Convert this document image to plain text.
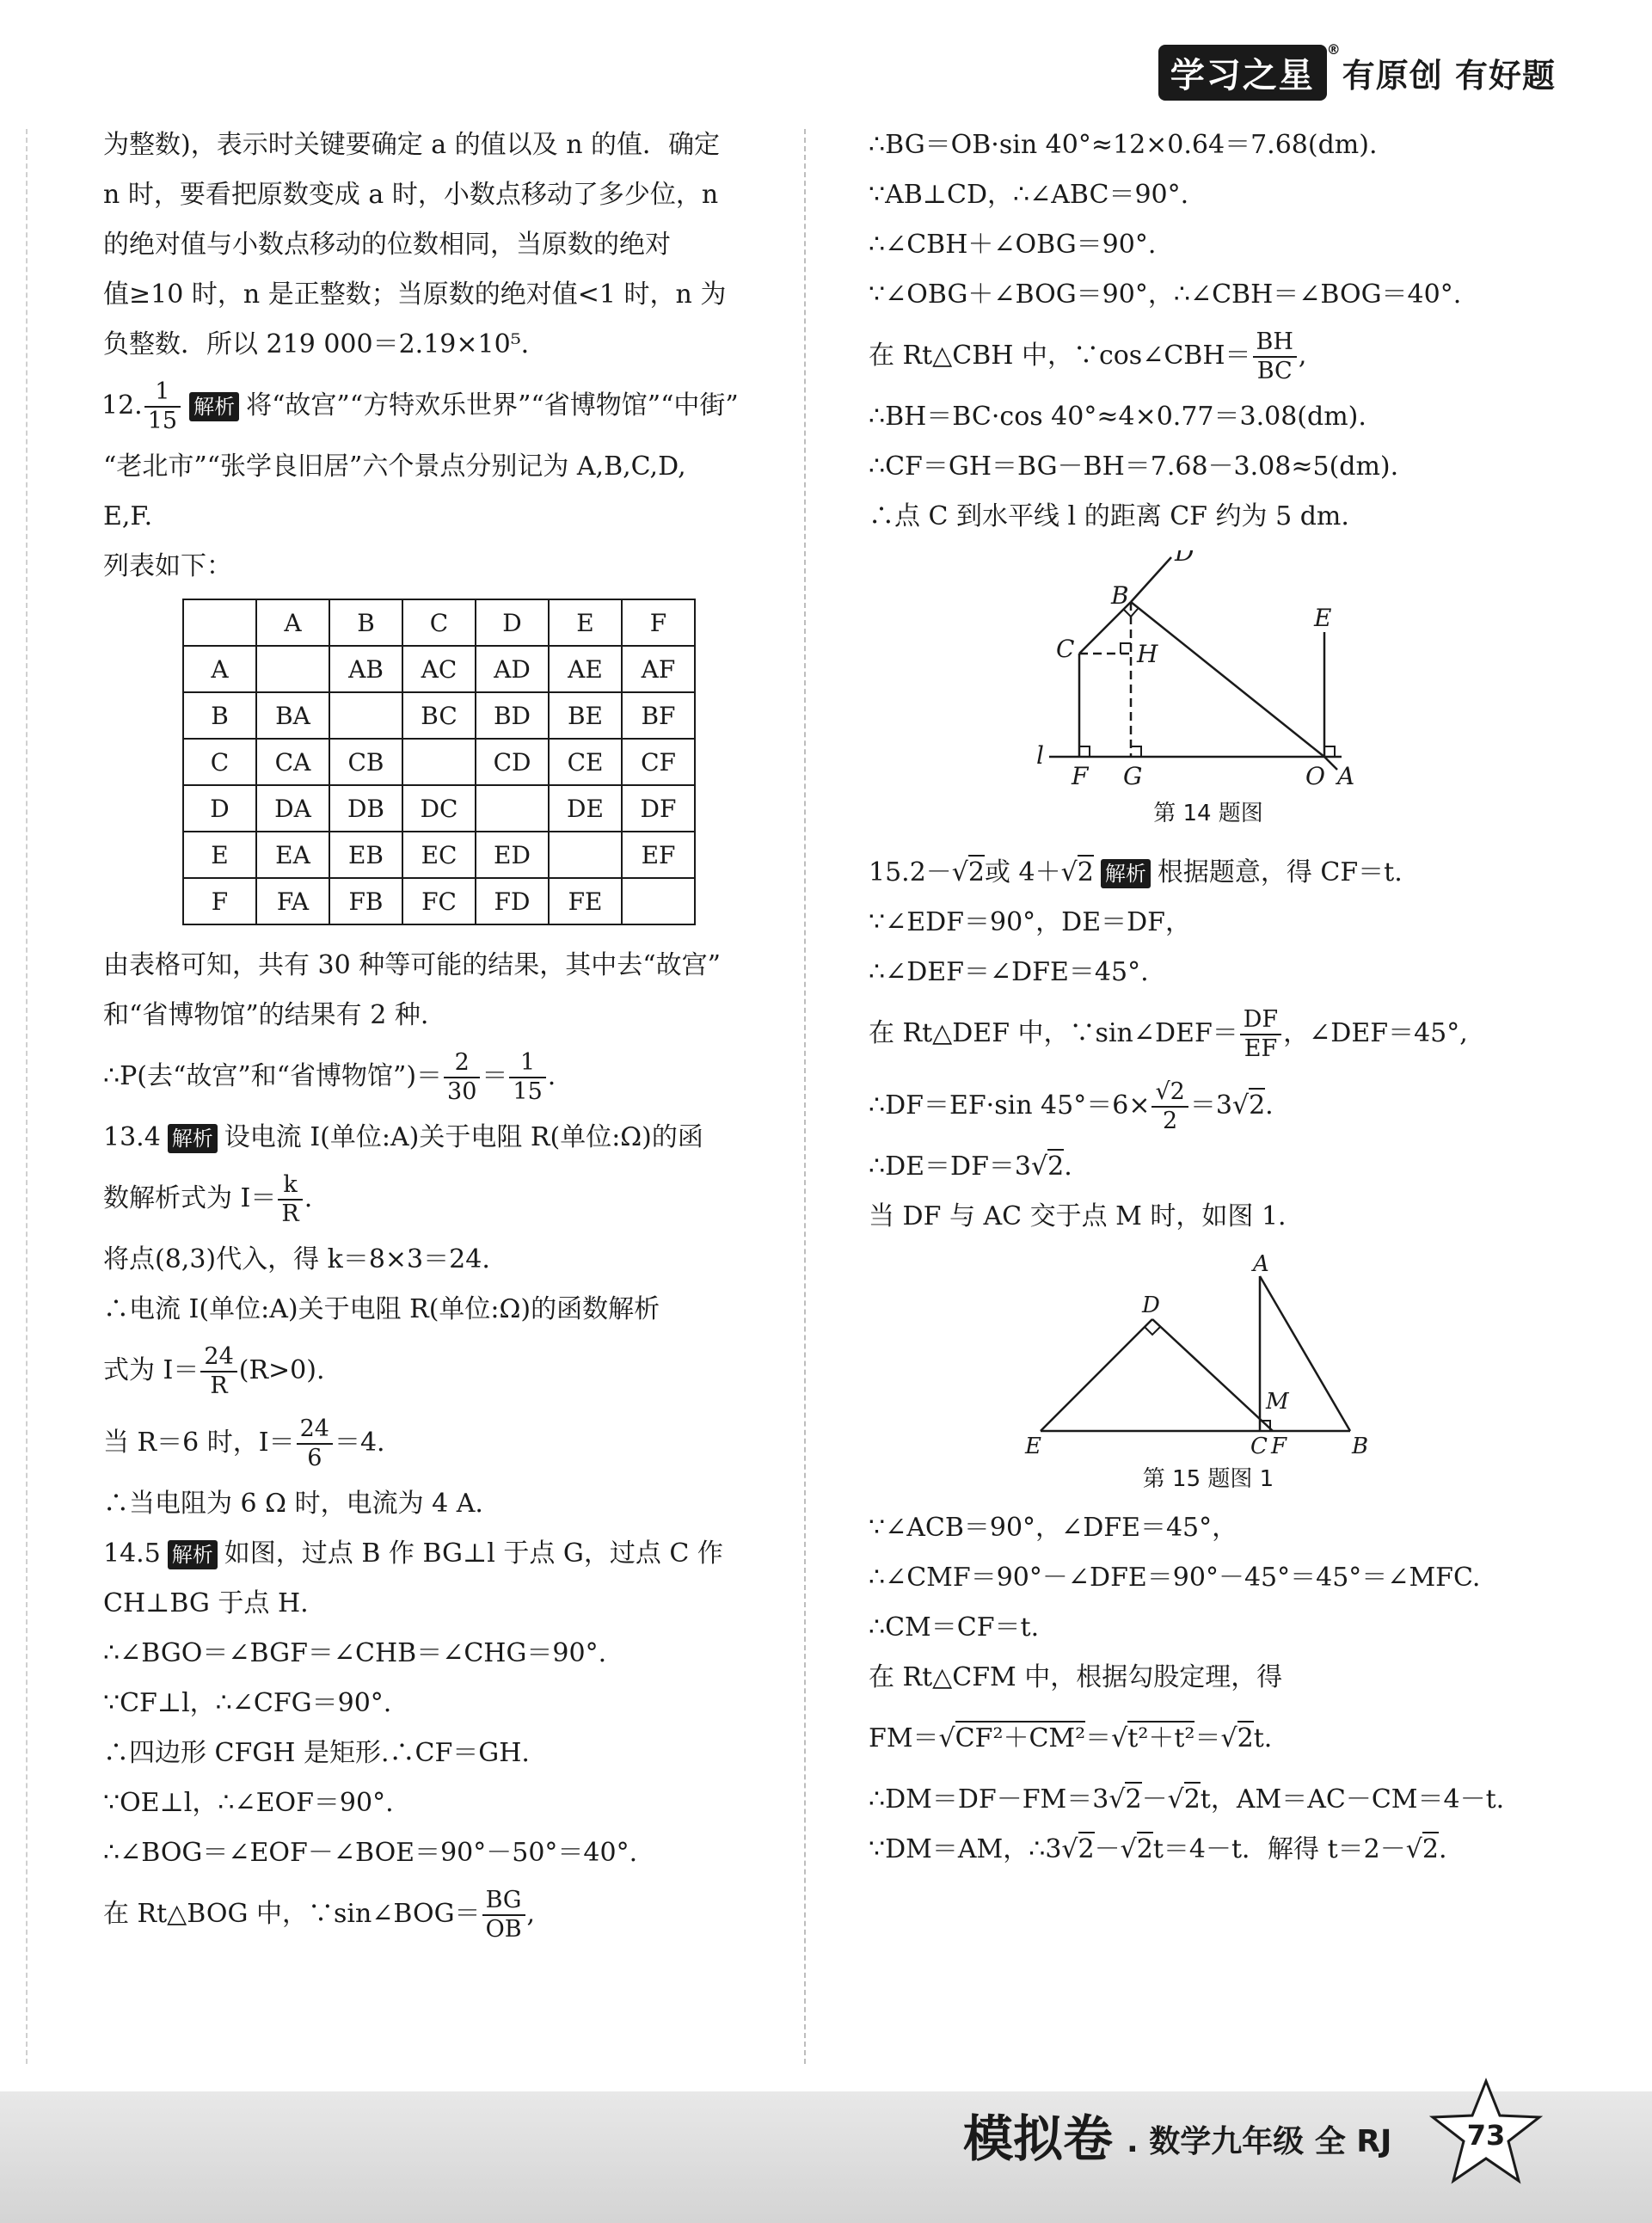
学习之星
®
有原创 有好题
为整数)，表示时关键要确定 a 的值以及 n 的值．确定
n 时，要看把原数变成 a 时，小数点移动了多少位，n
的绝对值与小数点移动的位数相同，当原数的绝对
值≥10 时，n 是正整数；当原数的绝对值<1 时，n 为
负整数．所以 219 000＝2.19×10⁵．
12. $\frac{1}{15}$ 解析 将“故宫”“方特欢乐世界”“省博物馆”“中街”
“老北市”“张学良旧居”六个景点分别记为 A,B,C,D,
E,F.
列表如下：
	A	B	C	D	E	F
A		AB	AC	AD	AE	AF
B	BA		BC	BD	BE	BF
C	CA	CB		CD	CE	CF
D	DA	DB	DC		DE	DF
E	EA	EB	EC	ED		EF
F	FA	FB	FC	FD	FE	
由表格可知，共有 30 种等可能的结果，其中去“故宫”
和“省博物馆”的结果有 2 种.
∴P(去“故宫”和“省博物馆”)＝ $\frac{2}{30} = \frac{1}{15}$ .
13.4 解析 设电流 I(单位:A)关于电阻 R(单位:Ω)的函
数解析式为 $I= \frac{k}{R}$ .
将点(8,3)代入，得 k＝8×3＝24.
∴电流 I(单位:A)关于电阻 R(单位:Ω)的函数解析
式为 $I= \frac{24}{R} (R>0)$.
当 R＝6 时，$I= \frac{24}{6} =4$.
∴当电阻为 6 Ω 时，电流为 4 A.
14.5 解析 如图，过点 B 作 BG⊥l 于点 G，过点 C 作
CH⊥BG 于点 H.
∴∠BGO＝∠BGF＝∠CHB＝∠CHG＝90°.
∵CF⊥l，∴∠CFG＝90°.
∴四边形 CFGH 是矩形.∴CF＝GH.
∵OE⊥l，∴∠EOF＝90°.
∴∠BOG＝∠EOF－∠BOE＝90°－50°＝40°.
在 Rt△BOG 中，∵sin∠BOG＝ $\frac{BG}{OB}$ ,
∴BG＝OB·sin 40°≈12×0.64＝7.68(dm).
∵AB⊥CD，∴∠ABC＝90°.
∴∠CBH＋∠OBG＝90°.
∵∠OBG＋∠BOG＝90°，∴∠CBH＝∠BOG＝40°.
在 Rt△CBH 中，∵cos∠CBH＝ $\frac{BH}{BC}$ ,
∴BH＝BC·cos 40°≈4×0.77＝3.08(dm).
∴CF＝GH＝BG－BH＝7.68－3.08≈5(dm).
∴点 C 到水平线 l 的距离 CF 约为 5 dm.
D
B
C	H
E
l
F G	O A
第 14 题图
15.2－√2或 4＋√2 解析 根据题意，得 CF＝t.
∵∠EDF＝90°，DE＝DF，
∴∠DEF＝∠DFE＝45°.
在 Rt△DEF 中，∵sin∠DEF＝ $\frac{DF}{EF}$ ，∠DEF＝45°,
∴DF＝EF·sin $45^\circ=6\times \frac{√2}{2} =3√2$.
∴DE＝DF＝3√2.
当 DF 与 AC 交于点 M 时，如图 1.
A
D
M
E	C F	B
第 15 题图 1
∵∠ACB＝90°，∠DFE＝45°，
∴∠CMF＝90°－∠DFE＝90°－45°＝45°＝∠MFC.
∴CM＝CF＝t.
在 Rt△CFM 中，根据勾股定理，得
FM＝√CF²＋CM²＝√t²＋t²＝√2t.
∴DM＝DF－FM＝3√2－√2t，AM＝AC－CM＝4－t.
∵DM＝AM，∴3√2－√2t＝4－t．解得 t＝2－√2.
模拟卷 . 数学九年级 全 RJ	73
